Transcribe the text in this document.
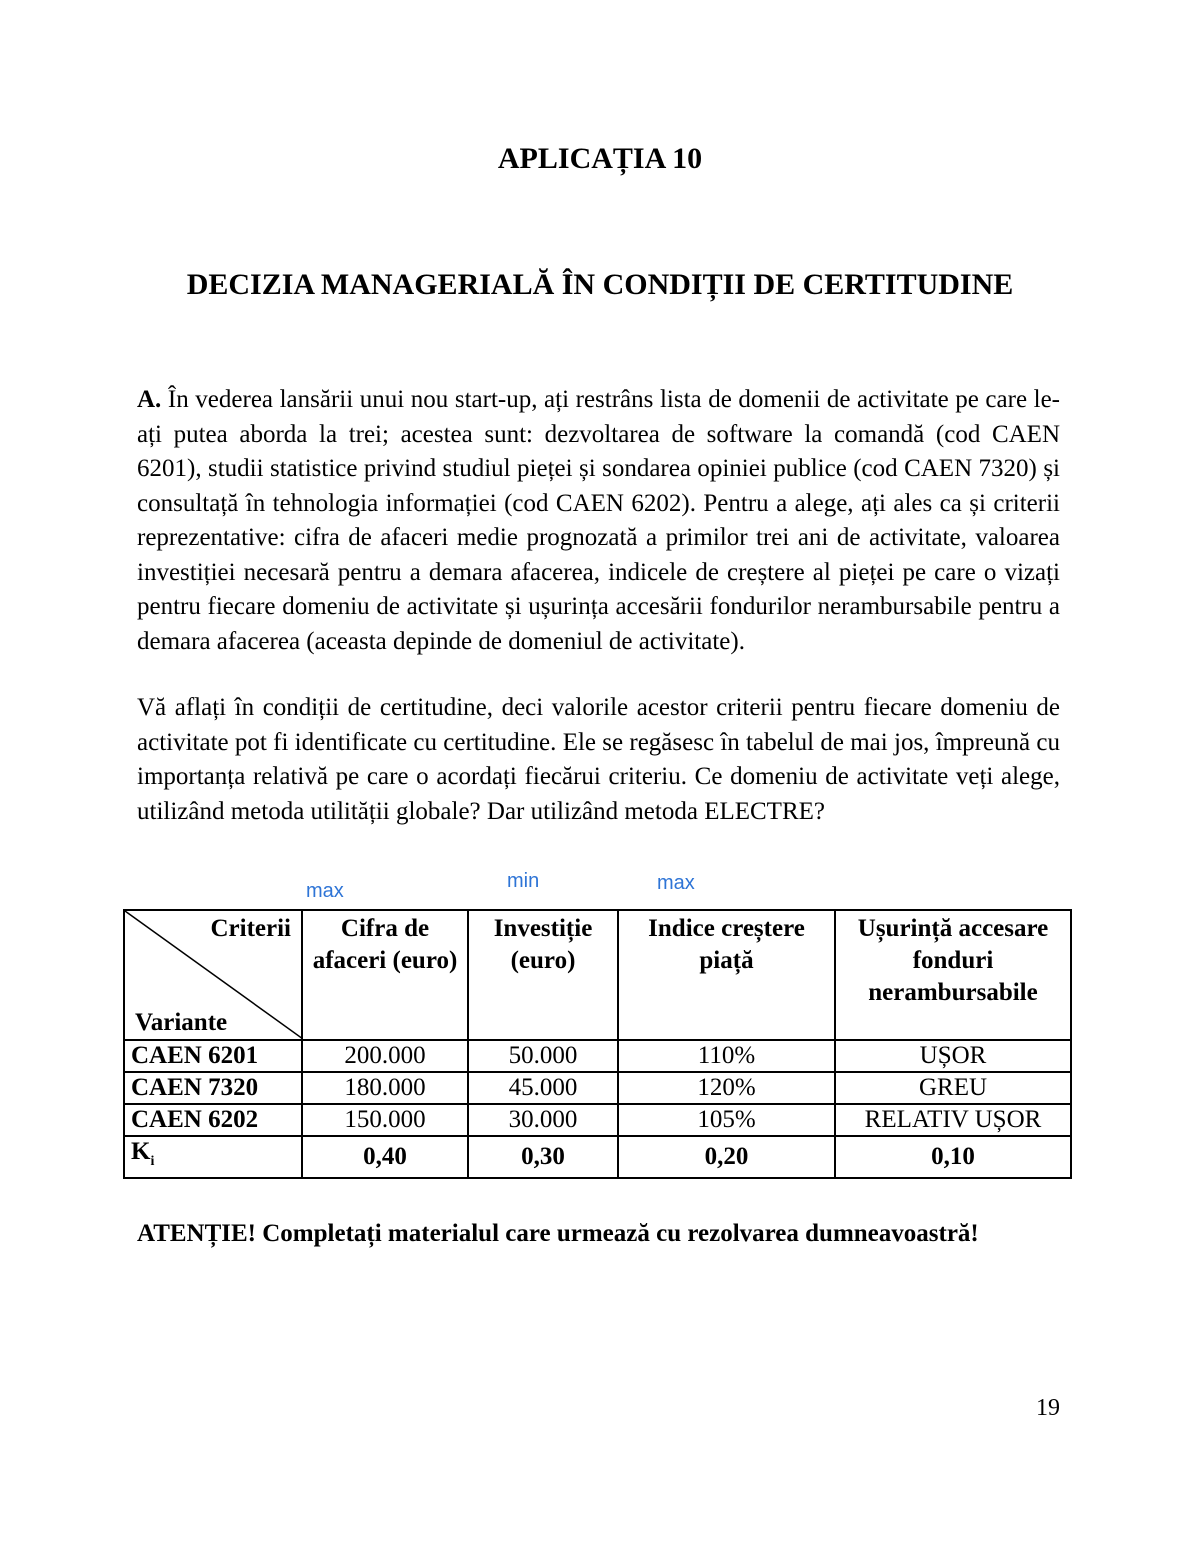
APLICAȚIA 10
DECIZIA MANAGERIALĂ ÎN CONDIȚII DE CERTITUDINE

A. În vederea lansării unui nou start-up, ați restrâns lista de domenii de activitate pe care le-ați putea aborda la trei; acestea sunt: dezvoltarea de software la comandă (cod CAEN 6201), studii statistice privind studiul pieței și sondarea opiniei publice (cod CAEN 7320) și consultață în tehnologia informației (cod CAEN 6202). Pentru a alege, ați ales ca și criterii reprezentative: cifra de afaceri medie prognozată a primilor trei ani de activitate, valoarea investiției necesară pentru a demara afacerea, indicele de creștere al pieței pe care o vizați pentru fiecare domeniu de activitate și ușurința accesării fondurilor nerambursabile pentru a demara afacerea (aceasta depinde de domeniul de activitate).

Vă aflați în condiții de certitudine, deci valorile acestor criterii pentru fiecare domeniu de activitate pot fi identificate cu certitudine. Ele se regăsesc în tabelul de mai jos, împreună cu importanța relativă pe care o acordați fiecărui criteriu. Ce domeniu de activitate veți alege, utilizând metoda utilității globale? Dar utilizând metoda ELECTRE?

max	min	max
Criterii
Variante	Cifra de afaceri (euro)	Investiție (euro)	Indice creștere piață	Ușurință accesare fonduri nerambursabile
CAEN 6201	200.000	50.000	110%	UȘOR
CAEN 7320	180.000	45.000	120%	GREU
CAEN 6202	150.000	30.000	105%	RELATIV UȘOR
$K_i$	0,40	0,30	0,20	0,10
ATENȚIE! Completați materialul care urmează cu rezolvarea dumneavoastră!
19
